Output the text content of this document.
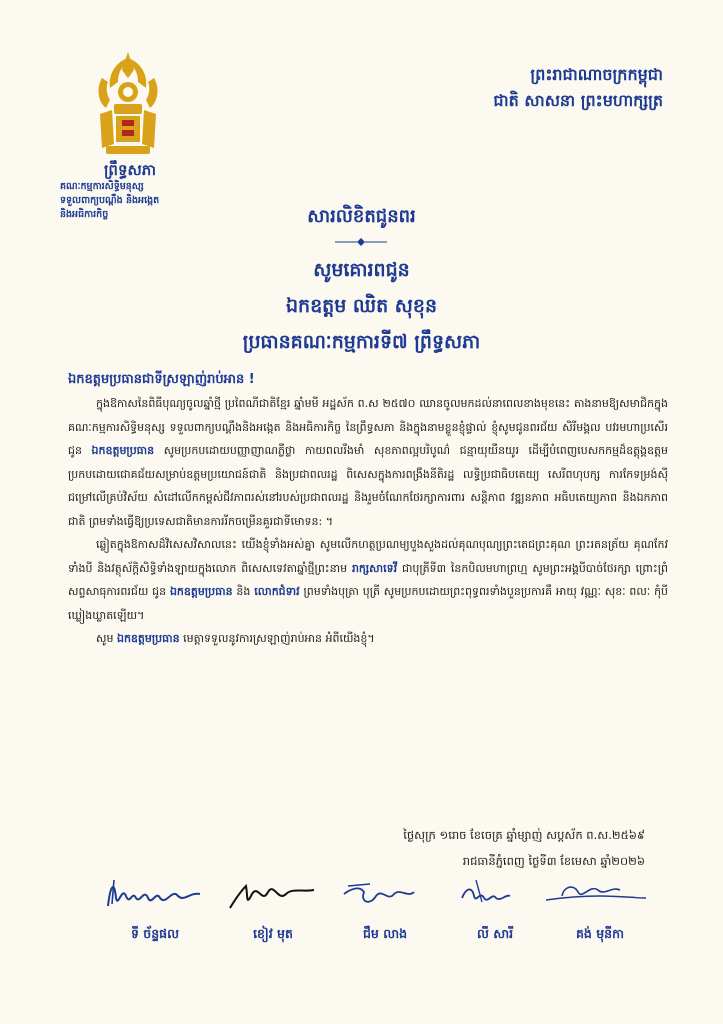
ព្រឹទ្ធសភា
គណៈកម្មការសិទ្ធិមនុស្ស
ទទួលពាក្យបណ្ដឹង និងអង្កេត
និងអធិការកិច្ច
ព្រះរាជាណាចក្រកម្ពុជា
ជាតិ សាសនា ព្រះមហាក្សត្រ
សារលិខិតជូនពរ
សូមគោរពជូន
ឯកឧត្តម ឈិត សុខុន
ប្រធានគណៈកម្មការទី៧ ព្រឹទ្ធសភា
ឯកឧត្តមប្រធានជាទីស្រឡាញ់រាប់អាន !

ក្នុងឱកាសនៃពិធីបុណ្យចូលឆ្នាំថ្មី ប្រពៃណីជាតិខ្មែរ ឆ្នាំមមី អដ្ឋស័ក ព.ស ២៥៧០ ឈានចូលមកដល់នាពេលខាងមុខនេះ តាងនាមឱ្យសមាជិកក្នុងគណៈកម្មការសិទ្ធិមនុស្ស ទទួលពាក្យបណ្ដឹងនិងអង្កេត និងអធិការកិច្ច នៃព្រឹទ្ធសភា និងក្នុងនាមខ្លួនខ្ញុំផ្ទាល់ ខ្ញុំសូមជូនពរជ័យ សិរីមង្គល បវរមហាប្រសើរ ជូន ឯកឧត្តមប្រធាន សូមប្រកបដោយបញ្ញាញាណភ្លឺថ្លា កាយពលរឹងមាំ សុខភាពល្អបរិបូណ៌ ជន្មាយុយឺនយូរ ដើម្បីបំពេញបេសកកម្មដ៏ឧត្ដុង្គឧត្ដមប្រកបដោយជោគជ័យសម្រាប់ឧត្ដមប្រយោជន៍ជាតិ និងប្រជាពលរដ្ឋ ពិសេសក្នុងការពង្រឹងនីតិរដ្ឋ លទ្ធិប្រជាធិបតេយ្យ សេរីពហុបក្ស ការកែទម្រង់ស៊ីជម្រៅលើគ្រប់វិស័យ សំដៅលើកកម្ពស់ជីវភាពរស់នៅរបស់ប្រជាពលរដ្ឋ និងរួមចំណែកថែរក្សាការពារ សន្តិភាព វឌ្ឍនភាព អធិបតេយ្យភាព និងឯកភាពជាតិ ព្រមទាំងធ្វើឱ្យប្រទេសជាតិមានការរីកចម្រើនគួរជាទីមោទន: ។

ឆ្លៀតក្នុងឱកាសដ៏វិសេសវិសាលនេះ យើងខ្ញុំទាំងអស់គ្នា សូមលើកហត្ថប្រណម្យបួងសួងដល់គុណបុណ្យព្រះតេជព្រះគុណ ព្រះរតនត្រ័យ គុណកែវទាំងបី និងវត្ថុស័ក្ដិសិទ្ធិទាំងឡាយក្នុងលោក ពិសេសទេវតាឆ្នាំថ្មីព្រះនាម រាក្សសាទេវី ជាបុត្រីទី៣ នៃកបិលមហាព្រហ្ម សូមព្រះអង្គបីបាច់ថែរក្សា ព្រោះព្រំសព្ទសាធុការពរជ័យ ជូន ឯកឧត្តមប្រធាន និង លោកជំទាវ ព្រមទាំងបុត្រា បុត្រី សូមប្រកបដោយព្រះពុទ្ធពរទាំងបួនប្រការគឺ អាយុ វណ្ណៈ សុខៈ ពលៈ កុំបីឃ្លៀងឃ្លាតឡើយ។

សូម ឯកឧត្តមប្រធាន មេត្តាទទួលនូវការស្រឡាញ់រាប់អាន អំពីយើងខ្ញុំ។

ថ្ងៃសុក្រ ១រោច ខែចេត្រ ឆ្នាំម្សាញ់ សប្តស័ក ព.ស.២៥៦៩
រាជធានីភ្នំពេញ ថ្ងៃទី៣ ខែមេសា ឆ្នាំ២០២៦
ទី ច័ន្ទផល	ខៀវ មុត	ជឹម លាង	លី សារី	គង់ មុនីកា
